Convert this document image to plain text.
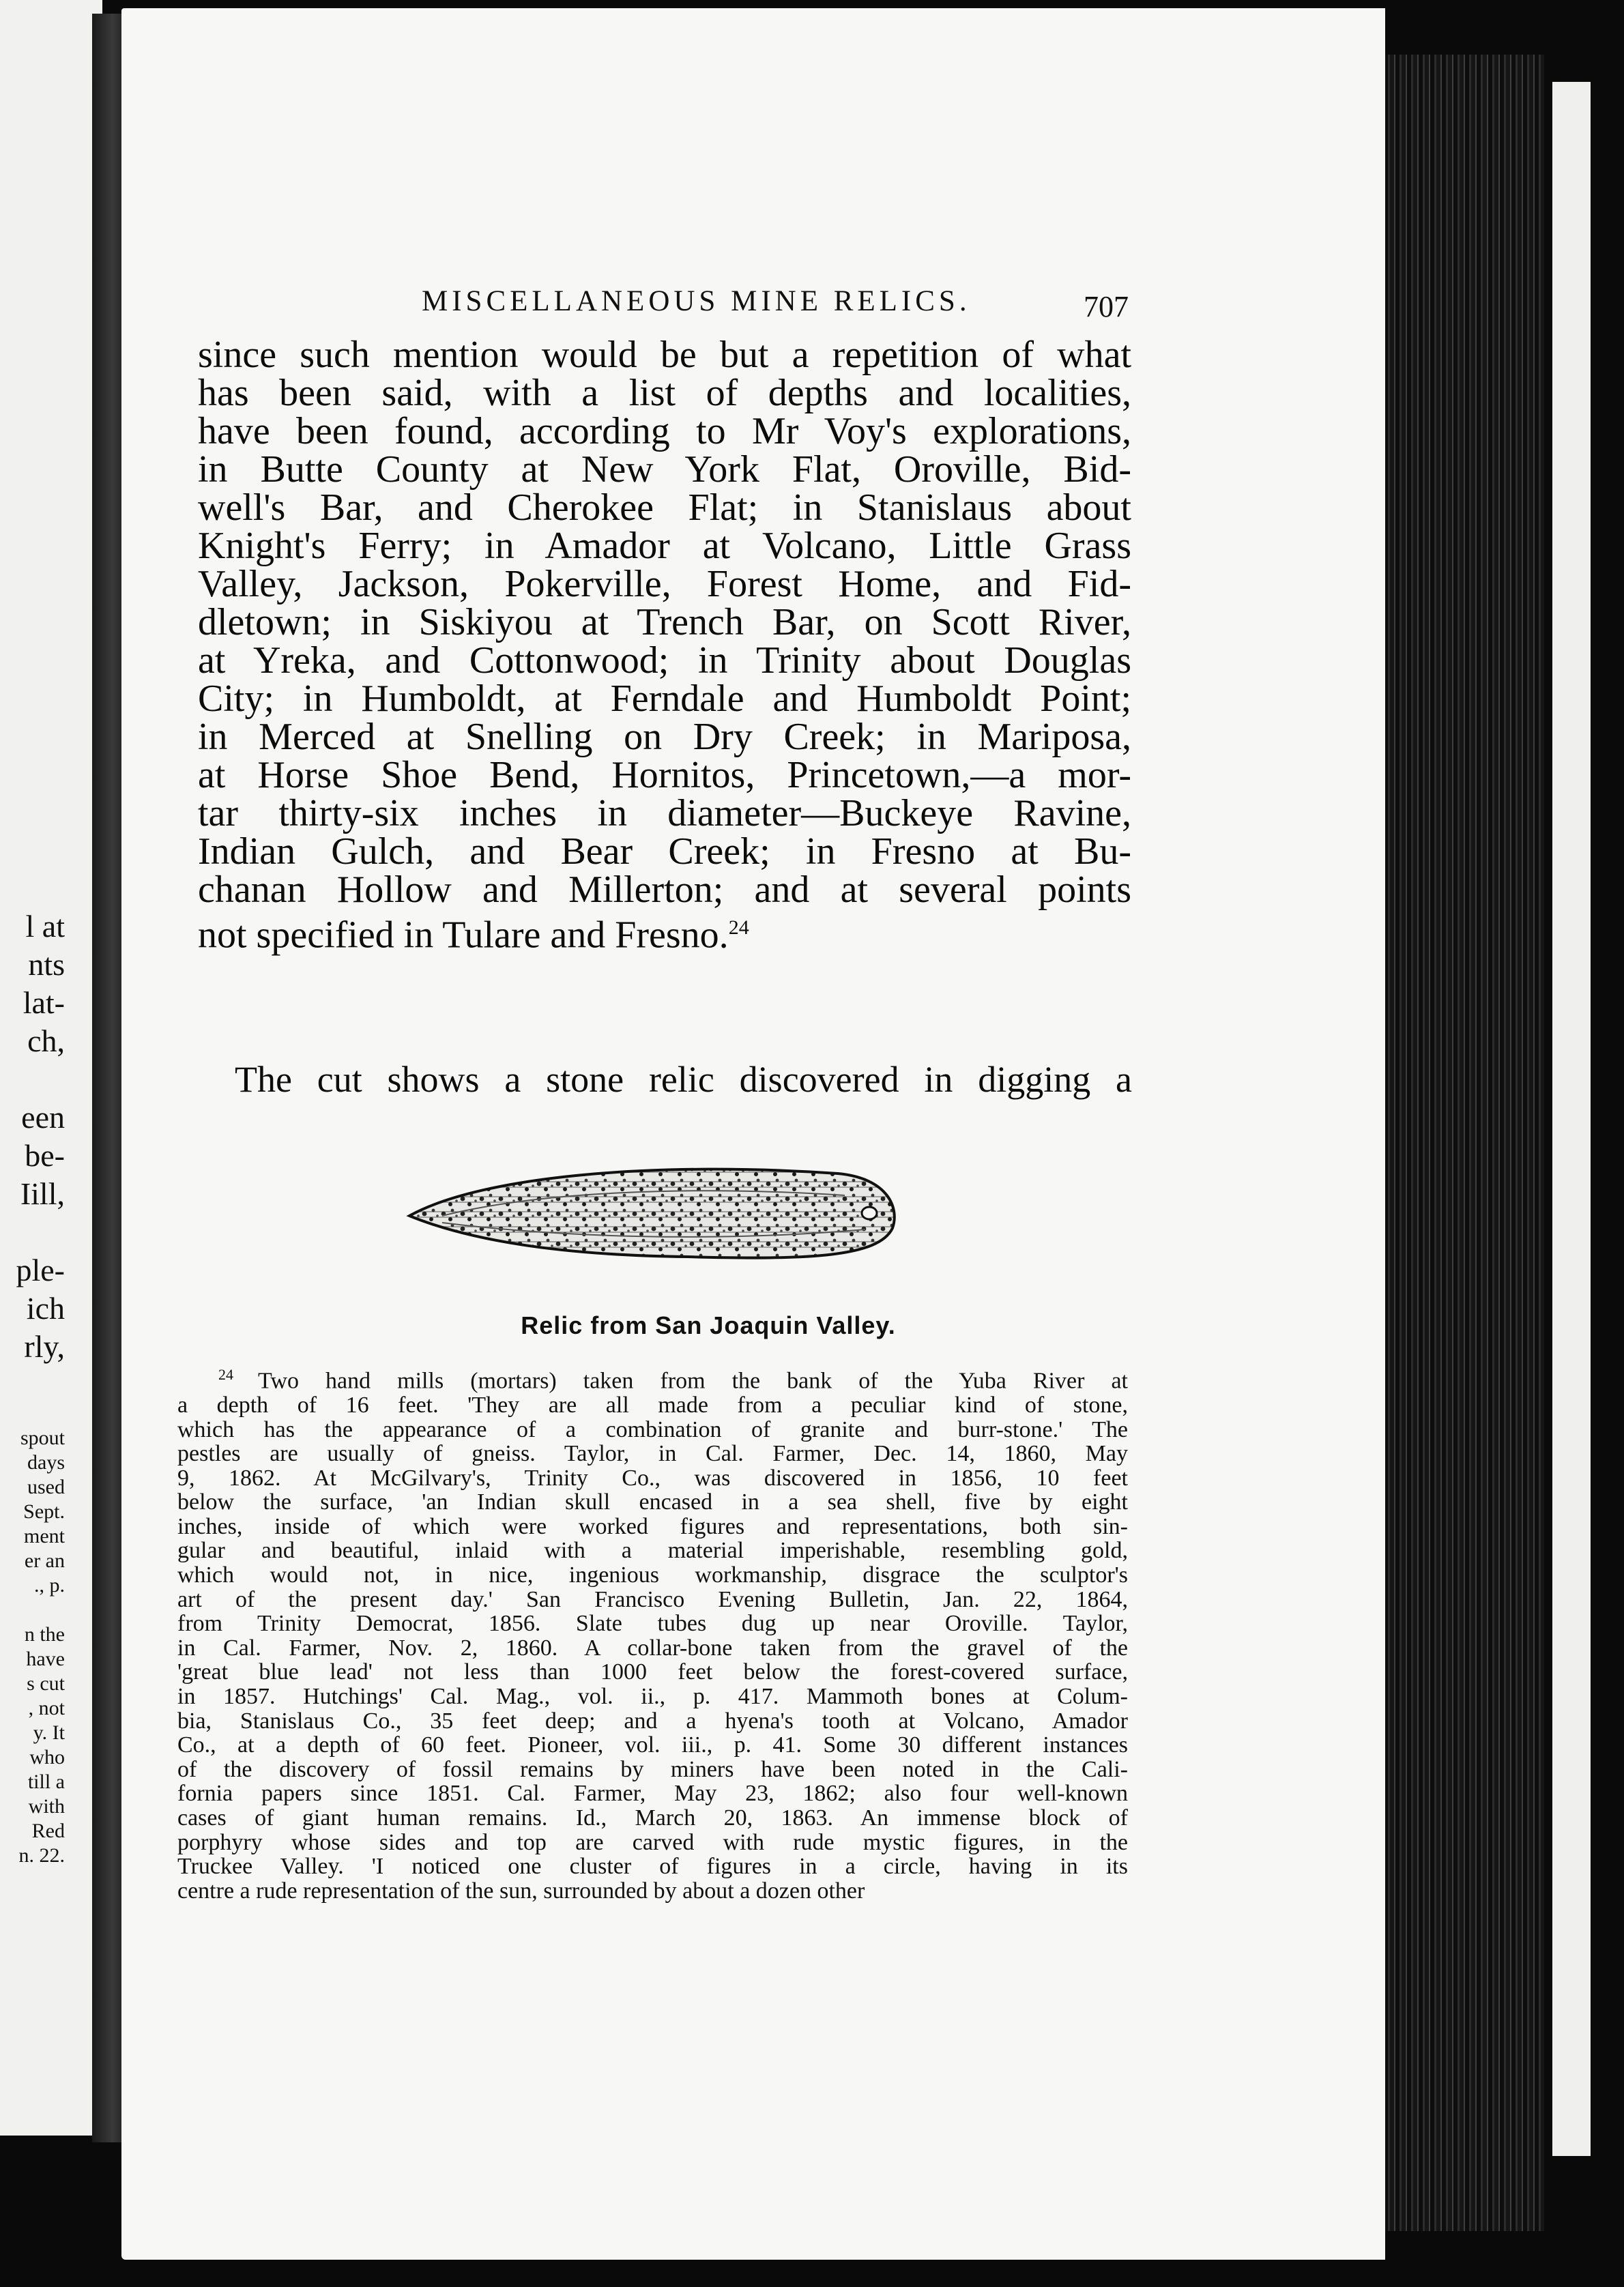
l at
nts
lat-
ch,

een
be-
Iill,

ple-
ich
rly,
spout
days
used
Sept.
ment
er an
., p.

n the
have
s cut
, not
y. It
who
till a
with
Red
n. 22.
MISCELLANEOUS MINE RELICS.	707
since such mention would be but a repetition of what
has been said, with a list of depths and localities,
have been found, according to Mr Voy's explorations,
in Butte County at New York Flat, Oroville, Bid-
well's Bar, and Cherokee Flat; in Stanislaus about
Knight's Ferry; in Amador at Volcano, Little Grass
Valley, Jackson, Pokerville, Forest Home, and Fid-
dletown; in Siskiyou at Trench Bar, on Scott River,
at Yreka, and Cottonwood; in Trinity about Douglas
City; in Humboldt, at Ferndale and Humboldt Point;
in Merced at Snelling on Dry Creek; in Mariposa,
at Horse Shoe Bend, Hornitos, Princetown,—a mor-
tar thirty-six inches in diameter—Buckeye Ravine,
Indian Gulch, and Bear Creek; in Fresno at Bu-
chanan Hollow and Millerton; and at several points
not specified in Tulare and Fresno.$^{24}$
The cut shows a stone relic discovered in digging a
Relic from San Joaquin Valley.
$^{24}$ Two hand mills (mortars) taken from the bank of the Yuba River at
a depth of 16 feet. 'They are all made from a peculiar kind of stone,
which has the appearance of a combination of granite and burr-stone.' The
pestles are usually of gneiss. Taylor, in Cal. Farmer, Dec. 14, 1860, May
9, 1862. At McGilvary's, Trinity Co., was discovered in 1856, 10 feet
below the surface, 'an Indian skull encased in a sea shell, five by eight
inches, inside of which were worked figures and representations, both sin-
gular and beautiful, inlaid with a material imperishable, resembling gold,
which would not, in nice, ingenious workmanship, disgrace the sculptor's
art of the present day.' San Francisco Evening Bulletin, Jan. 22, 1864,
from Trinity Democrat, 1856. Slate tubes dug up near Oroville. Taylor,
in Cal. Farmer, Nov. 2, 1860. A collar-bone taken from the gravel of the
'great blue lead' not less than 1000 feet below the forest-covered surface,
in 1857. Hutchings' Cal. Mag., vol. ii., p. 417. Mammoth bones at Colum-
bia, Stanislaus Co., 35 feet deep; and a hyena's tooth at Volcano, Amador
Co., at a depth of 60 feet. Pioneer, vol. iii., p. 41. Some 30 different instances
of the discovery of fossil remains by miners have been noted in the Cali-
fornia papers since 1851. Cal. Farmer, May 23, 1862; also four well-known
cases of giant human remains. Id., March 20, 1863. An immense block of
porphyry whose sides and top are carved with rude mystic figures, in the
Truckee Valley. 'I noticed one cluster of figures in a circle, having in its
centre a rude representation of the sun, surrounded by about a dozen other
